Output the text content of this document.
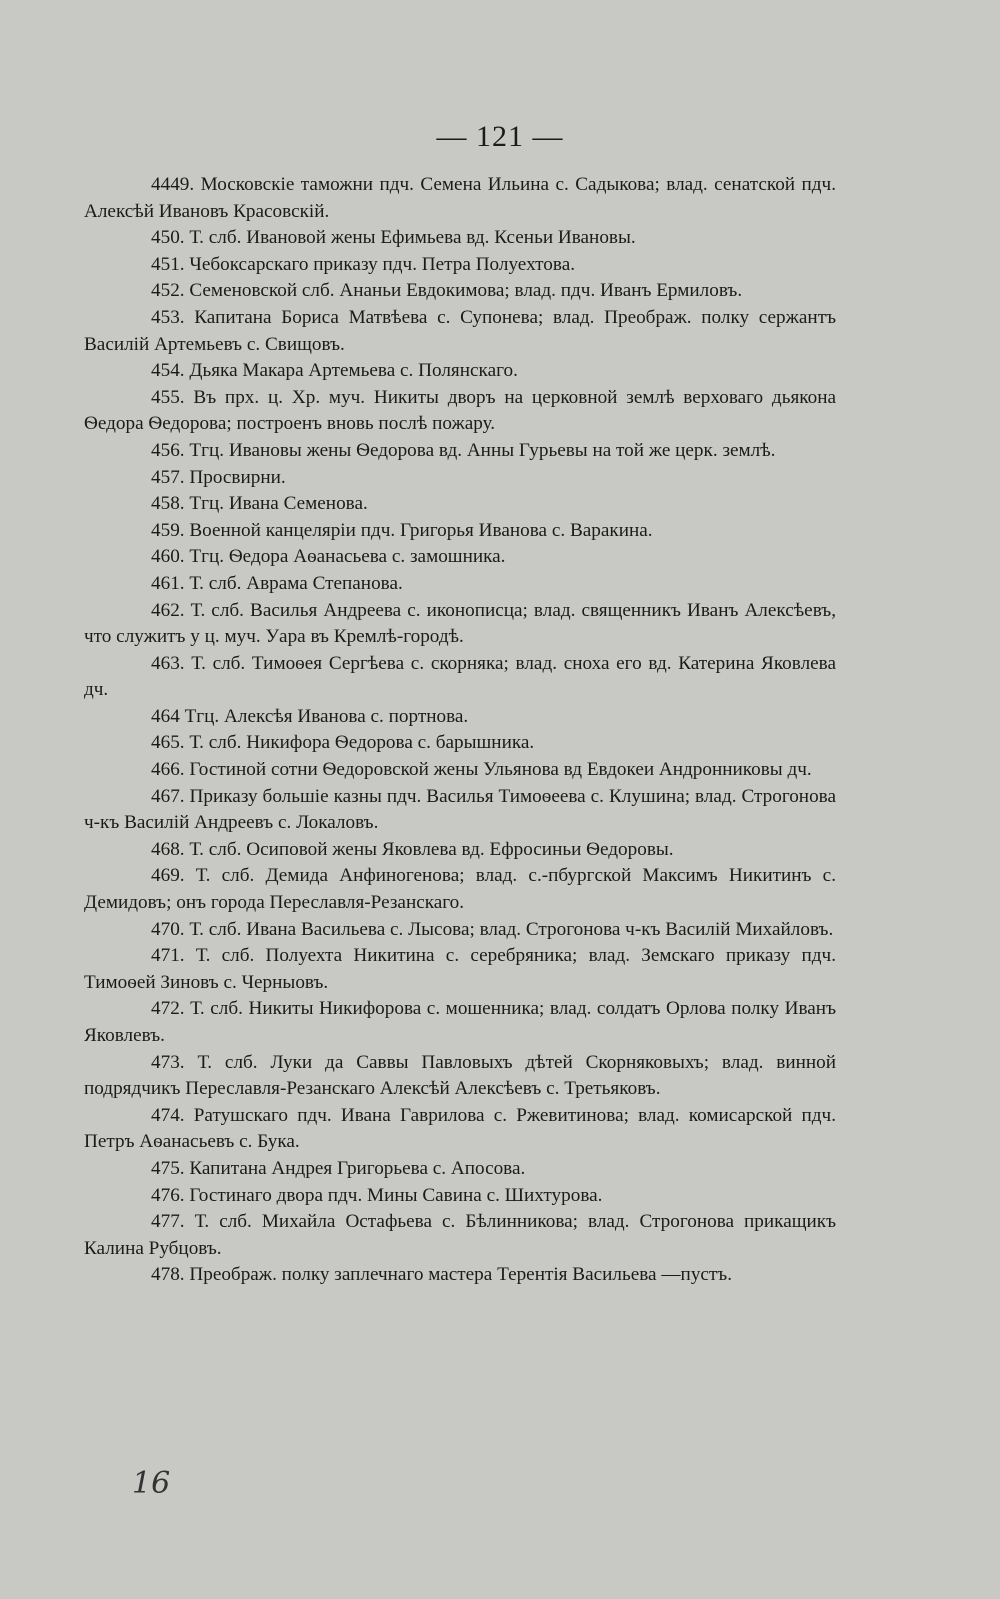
— 121 —

4449. Московскіе таможни пдч. Семена Ильина с. Садыкова; влад. сенатской пдч. Алексѣй Ивановъ Красовскій.

450. Т. слб. Ивановой жены Ефимьева вд. Ксеньи Ивановы.

451. Чебоксарскаго приказу пдч. Петра Полуехтова.

452. Семеновской слб. Ананьи Евдокимова; влад. пдч. Иванъ Ермиловъ.

453. Капитана Бориса Матвѣева с. Супонева; влад. Преображ. полку сержантъ Василій Артемьевъ с. Свищовъ.

454. Дьяка Макара Артемьева с. Полянскаго.

455. Въ прх. ц. Хр. муч. Никиты дворъ на церковной землѣ верховаго дьякона Ѳедора Ѳедорова; построенъ вновь послѣ пожару.

456. Тгц. Ивановы жены Ѳедорова вд. Анны Гурьевы на той же церк. землѣ.

457. Просвирни.

458. Тгц. Ивана Семенова.

459. Военной канцеляріи пдч. Григорья Иванова с. Варакина.

460. Тгц. Ѳедора Аѳанасьева с. замошника.

461. Т. слб. Аврама Степанова.

462. Т. слб. Василья Андреева с. иконописца; влад. священникъ Иванъ Алексѣевъ, что служитъ у ц. муч. Уара въ Кремлѣ-городѣ.

463. Т. слб. Тимоѳея Сергѣева с. скорняка; влад. сноха его вд. Катерина Яковлева дч.

464 Тгц. Алексѣя Иванова с. портнова.

465. Т. слб. Никифора Ѳедорова с. барышника.

466. Гостиной сотни Ѳедоровской жены Ульянова вд Евдокеи Андронниковы дч.

467. Приказу большіе казны пдч. Василья Тимоѳеева с. Клушина; влад. Строгонова ч-къ Василій Андреевъ с. Локаловъ.

468. Т. слб. Осиповой жены Яковлева вд. Ефросиньи Ѳедоровы.

469. Т. слб. Демида Анфиногенова; влад. с.-пбургской Максимъ Никитинъ с. Демидовъ; онъ города Переславля-Резанскаго.

470. Т. слб. Ивана Васильева с. Лысова; влад. Строгонова ч-къ Василій Михайловъ.

471. Т. слб. Полуехта Никитина с. серебряника; влад. Земскаго приказу пдч. Тимоѳей Зиновъ с. Черныовъ.

472. Т. слб. Никиты Никифорова с. мошенника; влад. солдатъ Орлова полку Иванъ Яковлевъ.

473. Т. слб. Луки да Саввы Павловыхъ дѣтей Скорняковыхъ; влад. винной подрядчикъ Переславля-Резанскаго Алексѣй Алексѣевъ с. Третьяковъ.

474. Ратушскаго пдч. Ивана Гаврилова с. Ржевитинова; влад. комисарской пдч. Петръ Аѳанасьевъ с. Бука.

475. Капитана Андрея Григорьева с. Апосова.

476. Гостинаго двора пдч. Мины Савина с. Шихтурова.

477. Т. слб. Михайла Остафьева с. Бѣлинникова; влад. Строгонова прикащикъ Калина Рубцовъ.

478. Преображ. полку заплечнаго мастера Терентія Васильева —пустъ.

16
